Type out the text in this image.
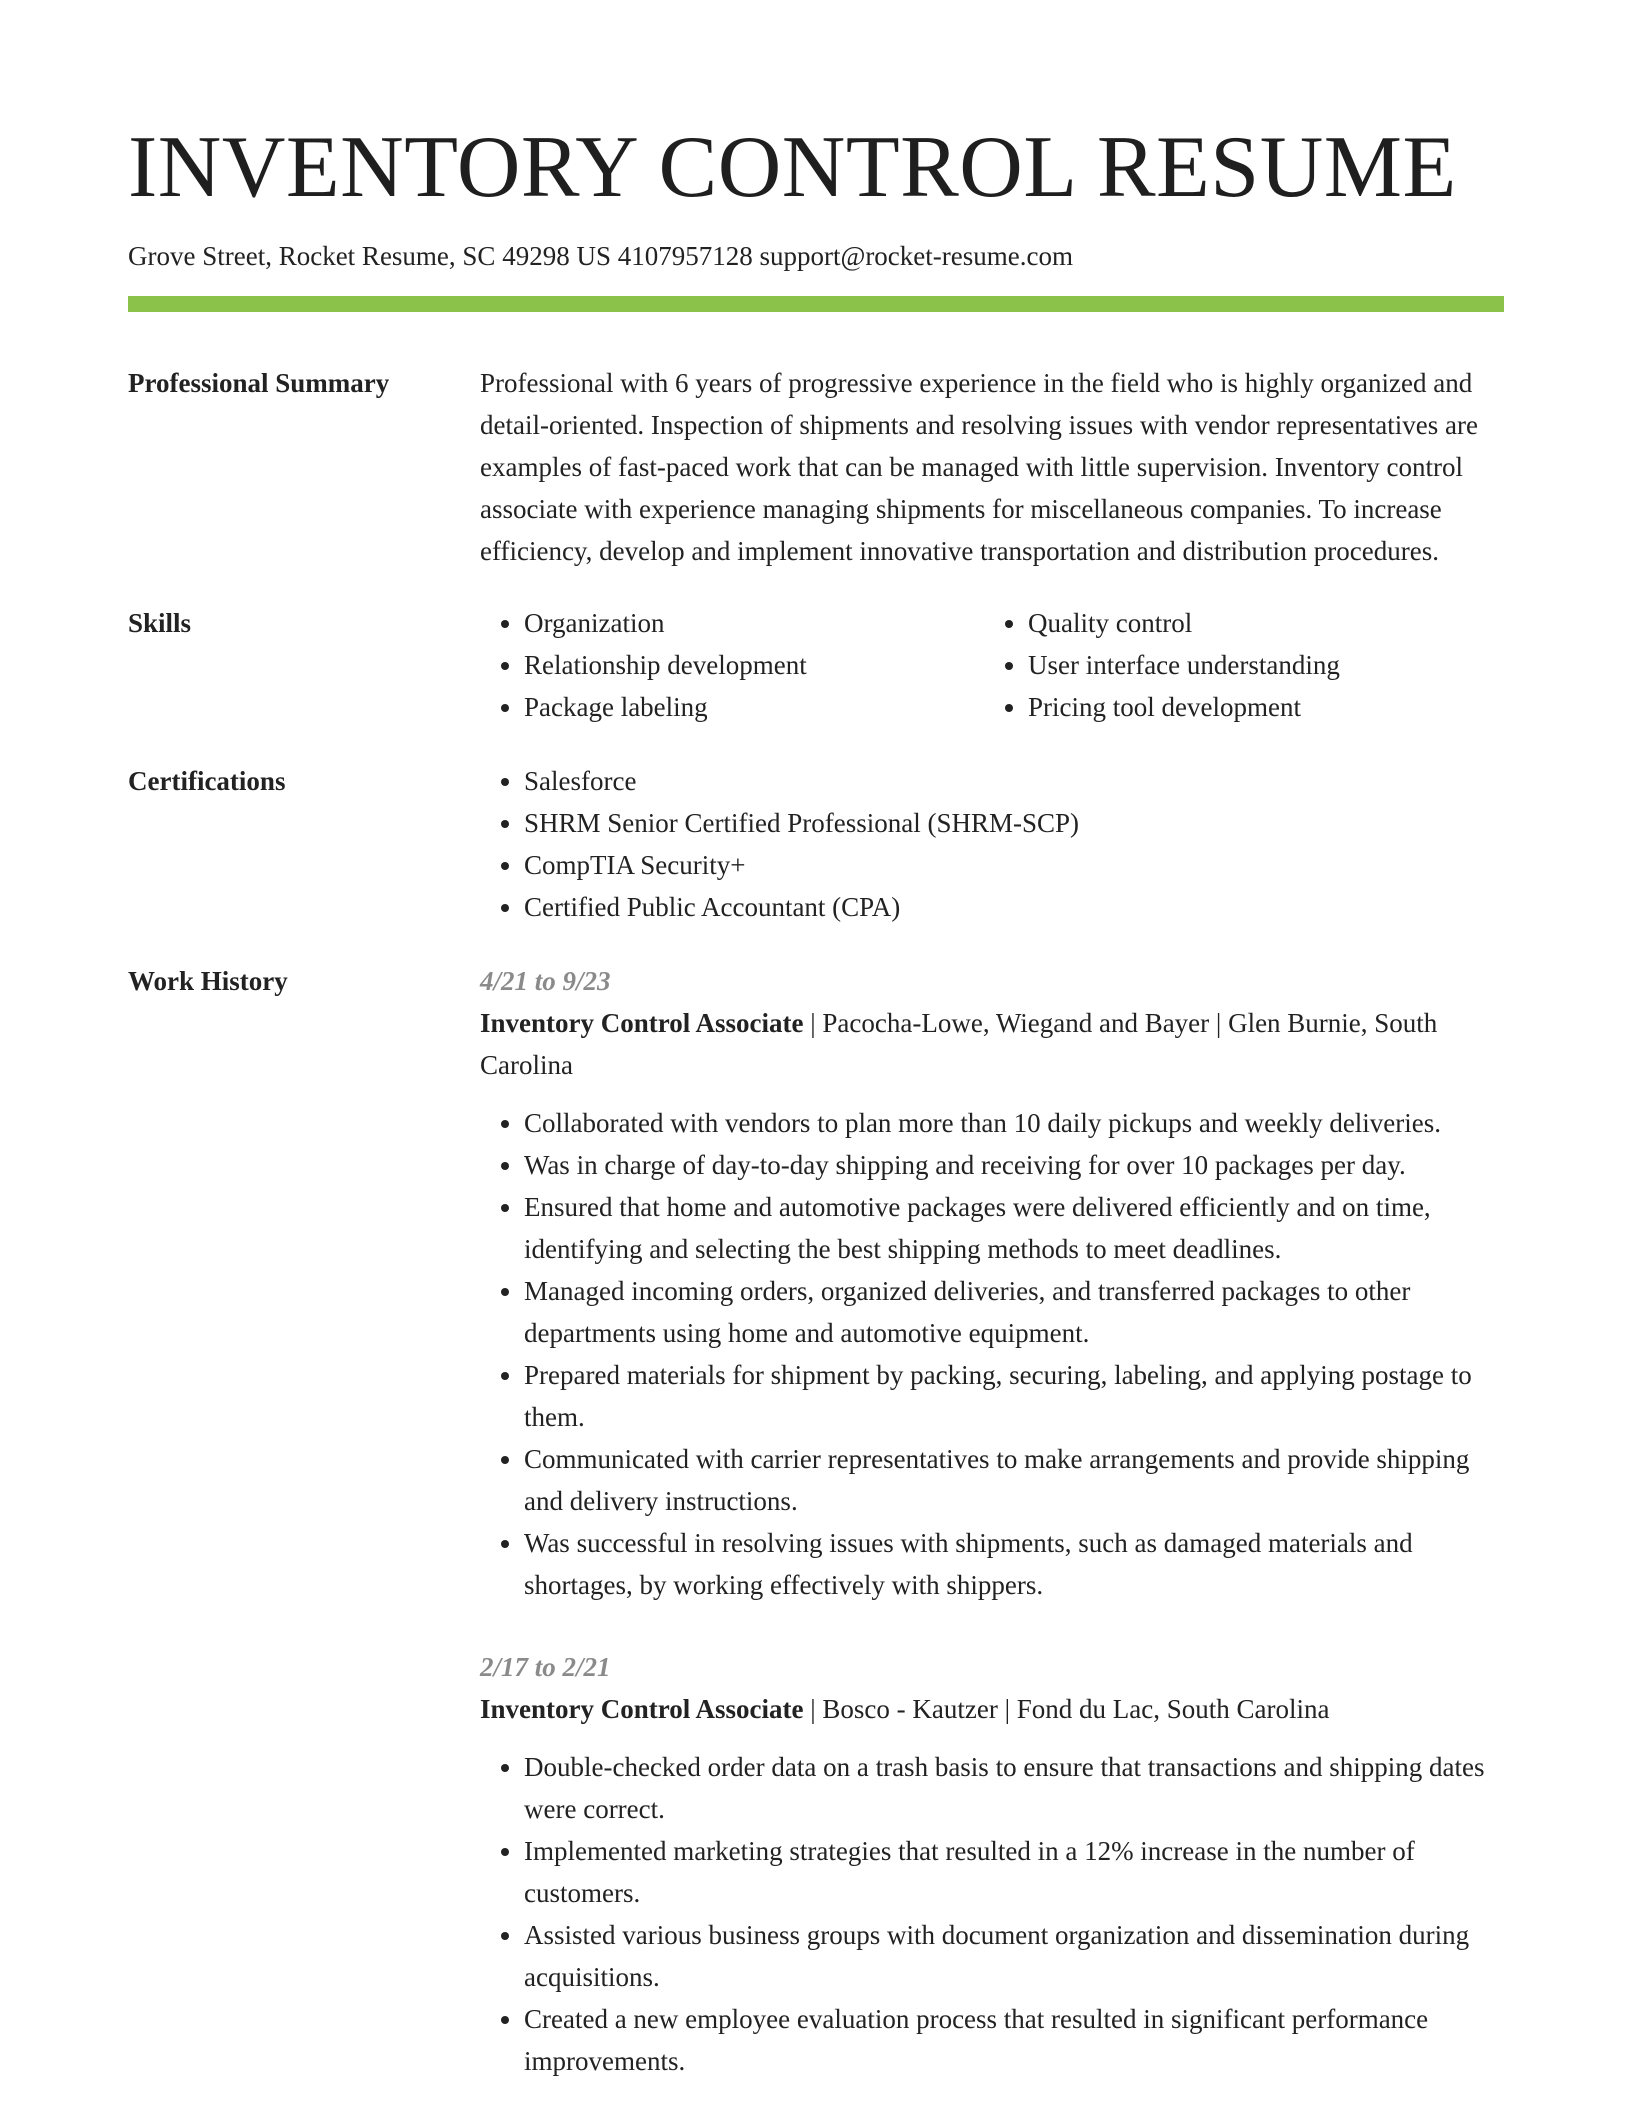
INVENTORY CONTROL RESUME
Grove Street, Rocket Resume, SC 49298 US 4107957128 support@rocket-resume.com
Professional Summary	Professional with 6 years of progressive experience in the field who is highly organized and detail-oriented. Inspection of shipments and resolving issues with vendor representatives are examples of fast-paced work that can be managed with little supervision. Inventory control associate with experience managing shipments for miscellaneous companies. To increase efficiency, develop and implement innovative transportation and distribution procedures.
Skills	• Organization
• Relationship development
• Package labeling
• Quality control
• User interface understanding
• Pricing tool development
Certifications	• Salesforce
• SHRM Senior Certified Professional (SHRM-SCP)
• CompTIA Security+
• Certified Public Accountant (CPA)
Work History	4/21 to 9/23
Inventory Control Associate | Pacocha-Lowe, Wiegand and Bayer | Glen Burnie, South Carolina
• Collaborated with vendors to plan more than 10 daily pickups and weekly deliveries.
• Was in charge of day-to-day shipping and receiving for over 10 packages per day.
• Ensured that home and automotive packages were delivered efficiently and on time, identifying and selecting the best shipping methods to meet deadlines.
• Managed incoming orders, organized deliveries, and transferred packages to other departments using home and automotive equipment.
• Prepared materials for shipment by packing, securing, labeling, and applying postage to them.
• Communicated with carrier representatives to make arrangements and provide shipping and delivery instructions.
• Was successful in resolving issues with shipments, such as damaged materials and shortages, by working effectively with shippers.
2/17 to 2/21
Inventory Control Associate | Bosco - Kautzer | Fond du Lac, South Carolina
• Double-checked order data on a trash basis to ensure that transactions and shipping dates were correct.
• Implemented marketing strategies that resulted in a 12% increase in the number of customers.
• Assisted various business groups with document organization and dissemination during acquisitions.
• Created a new employee evaluation process that resulted in significant performance improvements.
